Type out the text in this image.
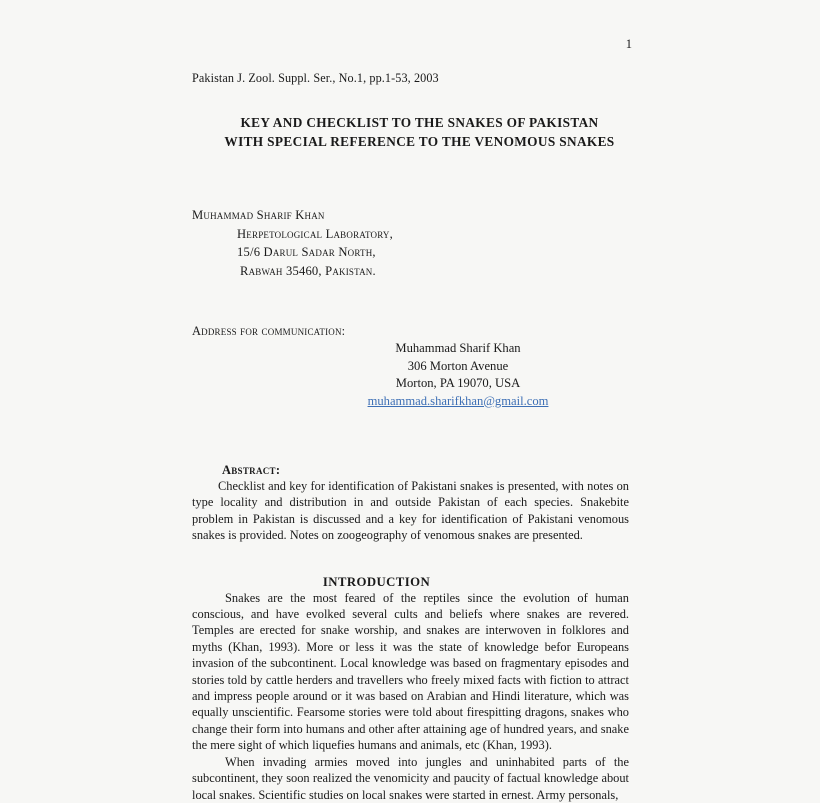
1
Pakistan J. Zool. Suppl. Ser., No.1, pp.1-53, 2003
KEY AND CHECKLIST TO THE SNAKES OF PAKISTAN
WITH SPECIAL REFERENCE TO THE VENOMOUS SNAKES
Muhammad Sharif Khan
Herpetological Laboratory,
15/6 Darul Sadar North,
Rabwah 35460, Pakistan.
Address for communication:
Muhammad Sharif Khan
306 Morton Avenue
Morton, PA 19070, USA
muhammad.sharifkhan@gmail.com
Abstract:

Checklist and key for identification of Pakistani snakes is presented, with notes on type locality and distribution in and outside Pakistan of each species. Snakebite problem in Pakistan is discussed and a key for identification of Pakistani venomous snakes is provided. Notes on zoogeography of venomous snakes are presented.

INTRODUCTION

Snakes are the most feared of the reptiles since the evolution of human conscious, and have evolked several cults and beliefs where snakes are revered. Temples are erected for snake worship, and snakes are interwoven in folklores and myths (Khan, 1993). More or less it was the state of knowledge befor Europeans invasion of the subcontinent. Local knowledge was based on fragmentary episodes and stories told by cattle herders and travellers who freely mixed facts with fiction to attract and impress people around or it was based on Arabian and Hindi literature, which was equally unscientific. Fearsome stories were told about firespitting dragons, snakes who change their form into humans and other after attaining age of hundred years, and snake the mere sight of which liquefies humans and animals, etc (Khan, 1993).

When invading armies moved into jungles and uninhabited parts of the subcontinent, they soon realized the venomicity and paucity of factual knowledge about local snakes. Scientific studies on local snakes were started in ernest. Army personals,
